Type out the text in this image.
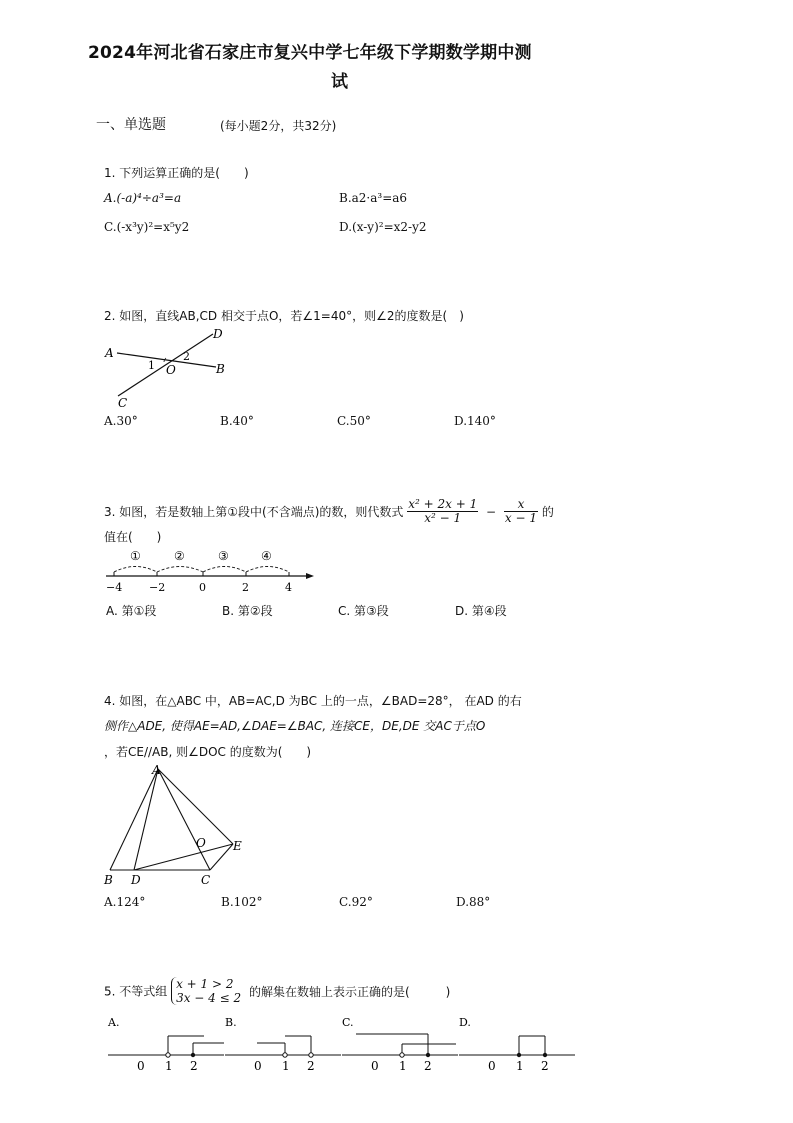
2024年河北省石家庄市复兴中学七年级下学期数学期中测
试
一、单选题	(每小题2分，共32分)
1. 下列运算正确的是(　　)
A.(-a)⁴÷a³=a	B.a2·a³=a6
C.(-x³y)²=x⁵y2	D.(x-y)²=x2-y2
2. 如图，直线AB,CD 相交于点O，若∠1=40°，则∠2的度数是(　)
A
B
C
D
O
1
2
A.30°	B.40°	C.50°	D.140°
3. 如图，若是数轴上第①段中(不含端点)的数，则代数式 $\frac{\text{x² + 2x + 1}}{\text{x² − 1}} - \frac{x}{x - 1}$ 的
值在(　　)
①	②	③	④
−4 −2	0	2	4
A. 第①段	B. 第②段	C. 第③段	D. 第④段
4. 如图，在△ABC 中，AB=AC,D 为BC 上的一点，∠BAD=28°， 在AD 的右
侧作△ADE, 使得AE=AD,∠DAE=∠BAC, 连接CE，DE,DE 交AC于点O
，若CE//AB, 则∠DOC 的度数为(　　)
A
B D	C
E
O
A.124°	B.102°	C.92°	D.88°
5. 不等式组
x + 1 > 2
3x − 4 ≤ 2 的解集在数轴上表示正确的是(　　　)
A.
0 1 2
B.
0 1 2
C.
0 1 2
D.
0 1 2
